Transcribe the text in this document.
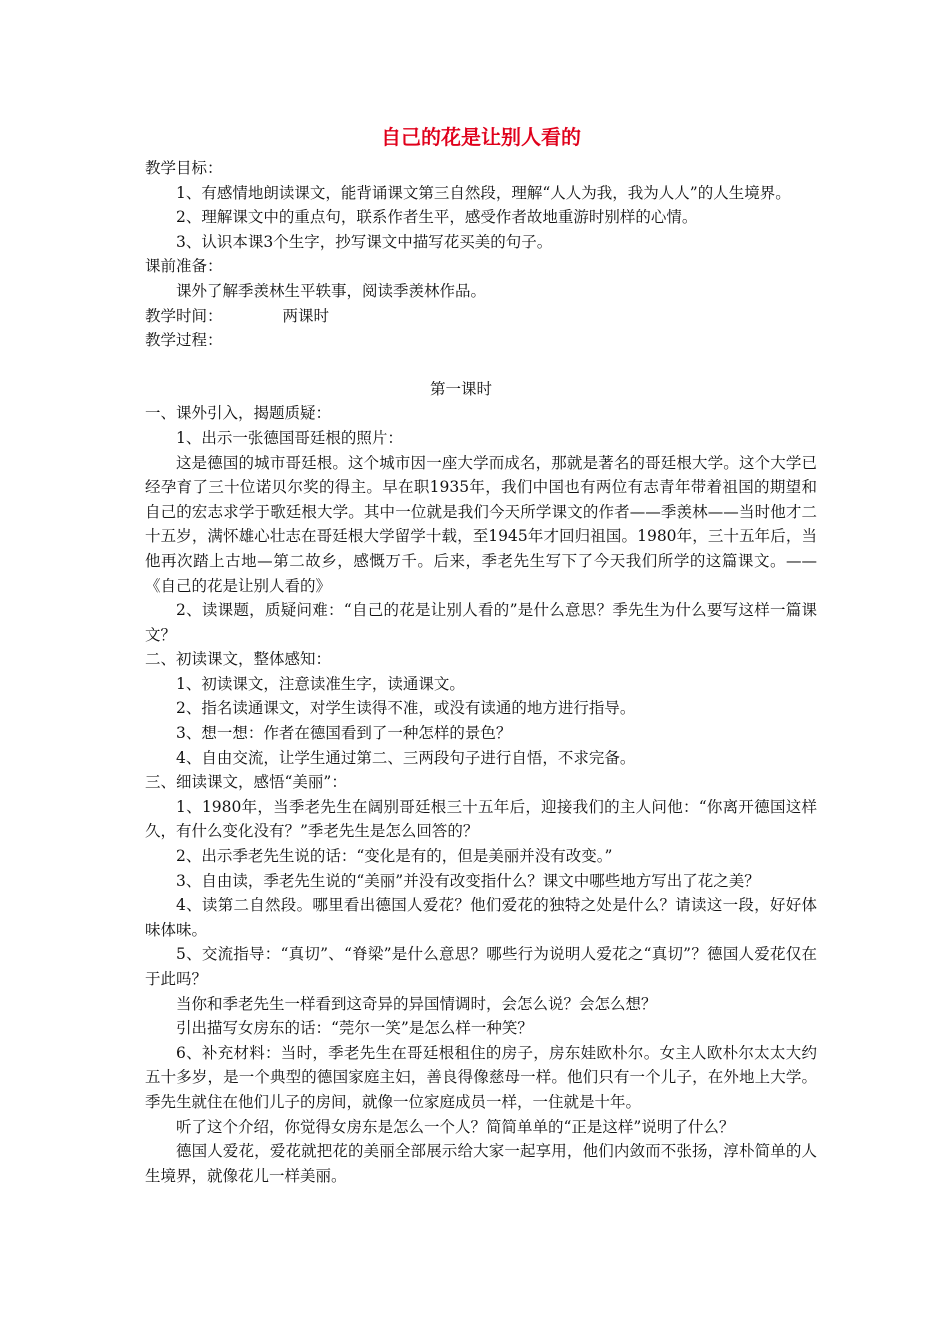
自己的花是让别人看的

教学目标：

1、有感情地朗读课文，能背诵课文第三自然段，理解“人人为我，我为人人”的人生境界。

2、理解课文中的重点句，联系作者生平，感受作者故地重游时别样的心情。

3、认识本课3个生字，抄写课文中描写花买美的句子。

课前准备：

课外了解季羡林生平轶事，阅读季羡林作品。

教学时间：	两课时

教学过程：

第一课时

一、课外引入，揭题质疑：

1、出示一张德国哥廷根的照片：

这是德国的城市哥廷根。这个城市因一座大学而成名，那就是著名的哥廷根大学。这个大学已经孕育了三十位诺贝尔奖的得主。早在职1935年，我们中国也有两位有志青年带着祖国的期望和自己的宏志求学于歌廷根大学。其中一位就是我们今天所学课文的作者——季羡林——当时他才二十五岁，满怀雄心壮志在哥廷根大学留学十载，至1945年才回归祖国。1980年，三十五年后，当他再次踏上古地—第二故乡，感慨万千。后来，季老先生写下了今天我们所学的这篇课文。——《自己的花是让别人看的》

2、读课题，质疑问难：“自己的花是让别人看的”是什么意思？季先生为什么要写这样一篇课文？

二、初读课文，整体感知：

1、初读课文，注意读准生字，读通课文。

2、指名读通课文，对学生读得不准，或没有读通的地方进行指导。

3、想一想：作者在德国看到了一种怎样的景色？

4、自由交流，让学生通过第二、三两段句子进行自悟，不求完备。

三、细读课文，感悟“美丽”：

1、1980年，当季老先生在阔别哥廷根三十五年后，迎接我们的主人问他：“你离开德国这样久，有什么变化没有？”季老先生是怎么回答的？

2、出示季老先生说的话：“变化是有的，但是美丽并没有改变。”

3、自由读，季老先生说的“美丽”并没有改变指什么？课文中哪些地方写出了花之美？

4、读第二自然段。哪里看出德国人爱花？他们爱花的独特之处是什么？请读这一段，好好体味体味。

5、交流指导：“真切”、“脊梁”是什么意思？哪些行为说明人爱花之“真切”？德国人爱花仅在于此吗？

当你和季老先生一样看到这奇异的异国情调时，会怎么说？会怎么想？

引出描写女房东的话：“莞尔一笑”是怎么样一种笑？

6、补充材料：当时，季老先生在哥廷根租住的房子，房东娃欧朴尔。女主人欧朴尔太太大约五十多岁，是一个典型的德国家庭主妇，善良得像慈母一样。他们只有一个儿子，在外地上大学。季先生就住在他们儿子的房间，就像一位家庭成员一样，一住就是十年。

听了这个介绍，你觉得女房东是怎么一个人？简简单单的“正是这样”说明了什么？

德国人爱花，爱花就把花的美丽全部展示给大家一起享用，他们内敛而不张扬，淳朴简单的人生境界，就像花儿一样美丽。
